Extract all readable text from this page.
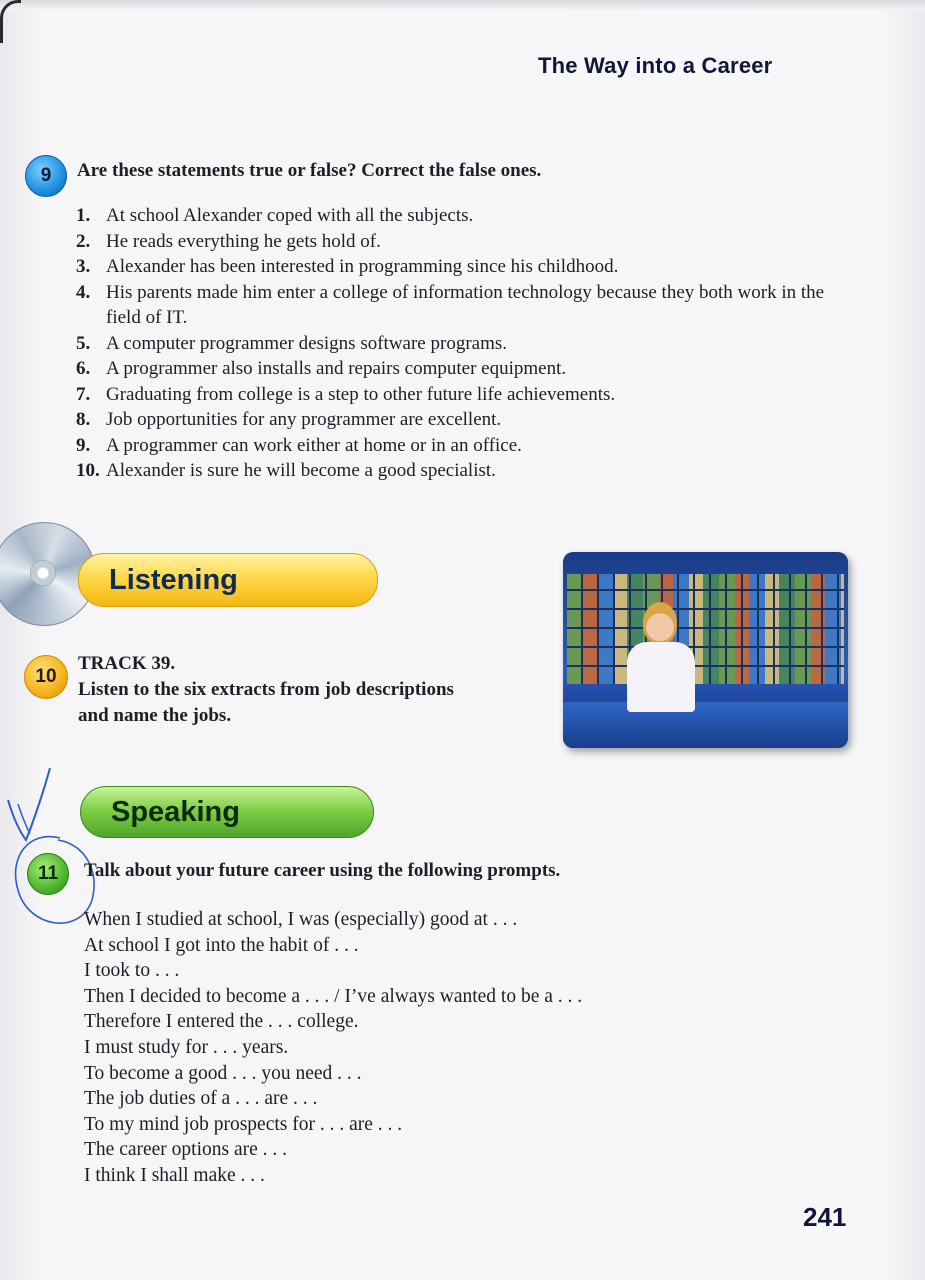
The Way into a Career
9	Are these statements true or false? Correct the false ones.
1. At school Alexander coped with all the subjects.
2. He reads everything he gets hold of.
3. Alexander has been interested in programming since his childhood.
4. His parents made him enter a college of information technology because they both work in the field of IT.
5. A computer programmer designs software programs.
6. A programmer also installs and repairs computer equipment.
7. Graduating from college is a step to other future life achievements.
8. Job opportunities for any programmer are excellent.
9. A programmer can work either at home or in an office.
10. Alexander is sure he will become a good specialist.
Listening
10
TRACK 39.
Listen to the six extracts from job descriptions
and name the jobs.
Speaking
11	Talk about your future career using the following prompts.
When I studied at school, I was (especially) good at . . .
At school I got into the habit of . . .
I took to . . .
Then I decided to become a . . . / I’ve always wanted to be a . . .
Therefore I entered the . . . college.
I must study for . . . years.
To become a good . . . you need . . .
The job duties of a . . . are . . .
To my mind job prospects for . . . are . . .
The career options are . . .
I think I shall make . . .
241
